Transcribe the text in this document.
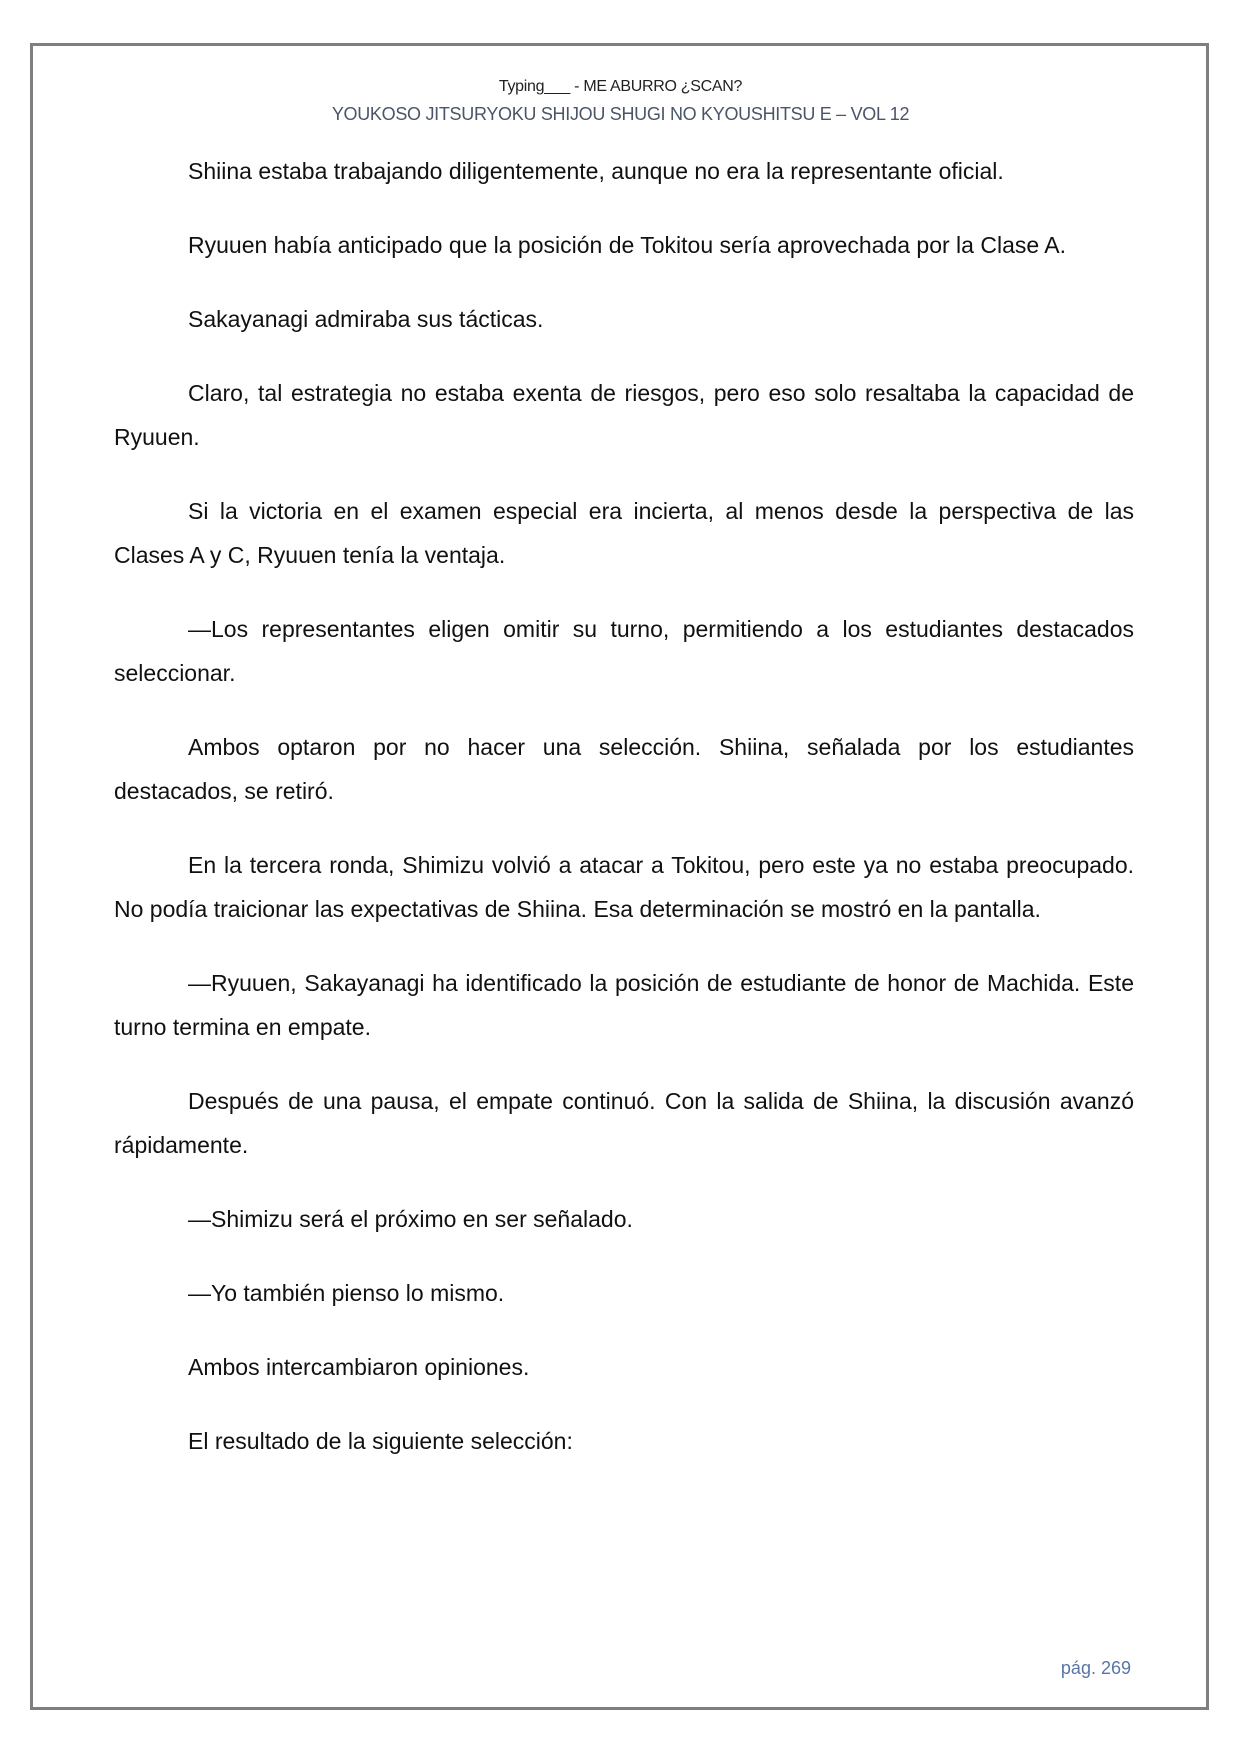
Typing___ - ME ABURRO ¿SCAN?
YOUKOSO JITSURYOKU SHIJOU SHUGI NO KYOUSHITSU E – VOL 12

Shiina estaba trabajando diligentemente, aunque no era la representante oficial.

Ryuuen había anticipado que la posición de Tokitou sería aprovechada por la Clase A.

Sakayanagi admiraba sus tácticas.

Claro, tal estrategia no estaba exenta de riesgos, pero eso solo resaltaba la capacidad de Ryuuen.

Si la victoria en el examen especial era incierta, al menos desde la perspectiva de las Clases A y C, Ryuuen tenía la ventaja.

—Los representantes eligen omitir su turno, permitiendo a los estudiantes destacados seleccionar.

Ambos optaron por no hacer una selección. Shiina, señalada por los estudiantes destacados, se retiró.

En la tercera ronda, Shimizu volvió a atacar a Tokitou, pero este ya no estaba preocupado. No podía traicionar las expectativas de Shiina. Esa determinación se mostró en la pantalla.

—Ryuuen, Sakayanagi ha identificado la posición de estudiante de honor de Machida. Este turno termina en empate.

Después de una pausa, el empate continuó. Con la salida de Shiina, la discusión avanzó rápidamente.

—Shimizu será el próximo en ser señalado.

—Yo también pienso lo mismo.

Ambos intercambiaron opiniones.

El resultado de la siguiente selección:

pág. 269
